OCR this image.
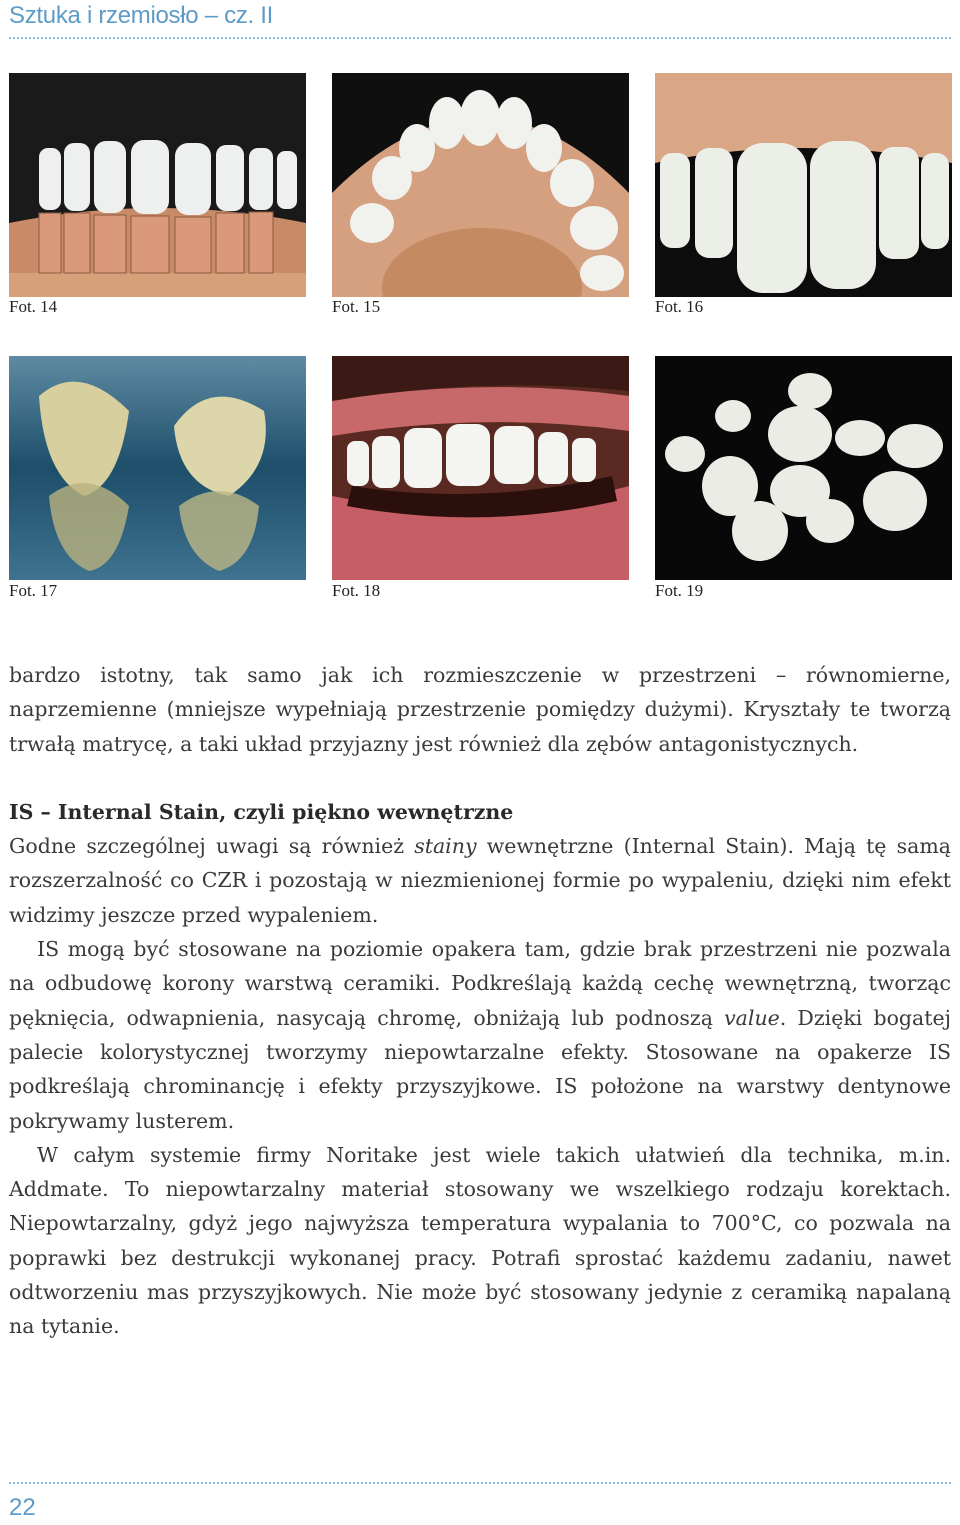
Sztuka i rzemiosło – cz. II
Fot. 14	Fot. 15	Fot. 16
Fot. 17	Fot. 18	Fot. 19

bardzo istotny, tak samo jak ich rozmieszczenie w przestrzeni – równomierne, naprzemienne (mniejsze wypełniają przestrzenie pomiędzy dużymi). Kryształy te tworzą trwałą matrycę, a taki układ przyjazny jest również dla zębów antagonistycznych.

IS – Internal Stain, czyli piękno wewnętrzne

Godne szczególnej uwagi są również stainy wewnętrzne (Internal Stain). Mają tę samą rozszerzalność co CZR i pozostają w niezmienionej formie po wypaleniu, dzięki nim efekt widzimy jeszcze przed wypaleniem.

IS mogą być stosowane na poziomie opakera tam, gdzie brak przestrzeni nie pozwala na odbudowę korony warstwą ceramiki. Podkreślają każdą cechę wewnętrzną, tworząc pęknięcia, odwapnienia, nasycają chromę, obniżają lub podnoszą value. Dzięki bogatej palecie kolorystycznej tworzymy niepowtarzalne efekty. Stosowane na opakerze IS podkreślają chrominancję i efekty przyszyjkowe. IS położone na warstwy dentynowe pokrywamy lusterem.

W całym systemie firmy Noritake jest wiele takich ułatwień dla technika, m.in. Addmate. To niepowtarzalny materiał stosowany we wszelkiego rodzaju korektach. Niepowtarzalny, gdyż jego najwyższa temperatura wypalania to 700°C, co pozwala na poprawki bez destrukcji wykonanej pracy. Potrafi sprostać każdemu zadaniu, nawet odtworzeniu mas przyszyjkowych. Nie może być stosowany jedynie z ceramiką napalaną na tytanie.

22
